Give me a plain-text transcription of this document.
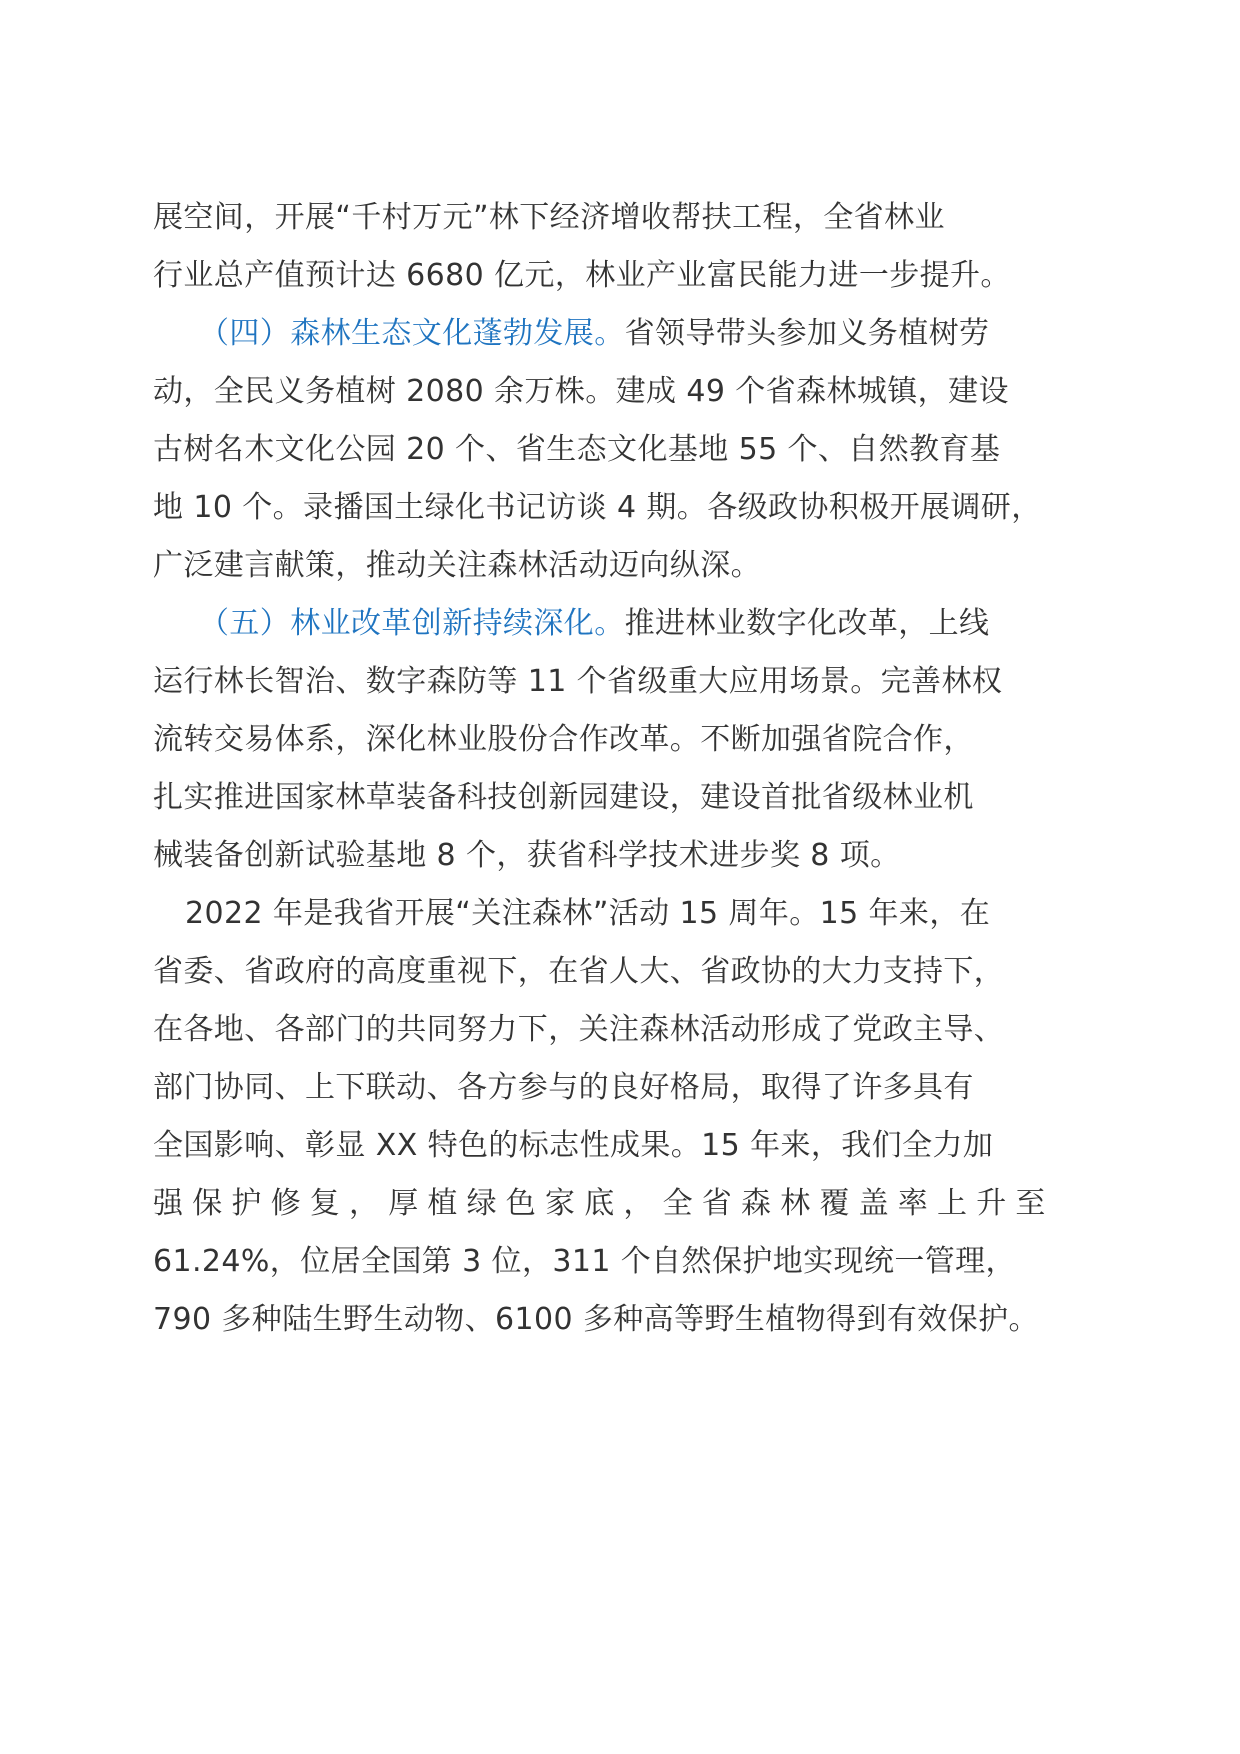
展空间，开展“千村万元”林下经济增收帮扶工程，全省林业
行业总产值预计达 6680 亿元，林业产业富民能力进一步提升。
（四）森林生态文化蓬勃发展。省领导带头参加义务植树劳
动，全民义务植树 2080 余万株。建成 49 个省森林城镇，建设
古树名木文化公园 20 个、省生态文化基地 55 个、自然教育基
地 10 个。录播国土绿化书记访谈 4 期。各级政协积极开展调研，
广泛建言献策，推动关注森林活动迈向纵深。
（五）林业改革创新持续深化。推进林业数字化改革，上线
运行林长智治、数字森防等 11 个省级重大应用场景。完善林权
流转交易体系，深化林业股份合作改革。不断加强省院合作，
扎实推进国家林草装备科技创新园建设，建设首批省级林业机
械装备创新试验基地 8 个，获省科学技术进步奖 8 项。
2022 年是我省开展“关注森林”活动 15 周年。15 年来，在
省委、省政府的高度重视下，在省人大、省政协的大力支持下，
在各地、各部门的共同努力下，关注森林活动形成了党政主导、
部门协同、上下联动、各方参与的良好格局，取得了许多具有
全国影响、彰显 XX 特色的标志性成果。15 年来，我们全力加
强保护修复，厚植绿色家底，全省森林覆盖率上升至
61.24%，位居全国第 3 位，311 个自然保护地实现统一管理，
790 多种陆生野生动物、6100 多种高等野生植物得到有效保护。
